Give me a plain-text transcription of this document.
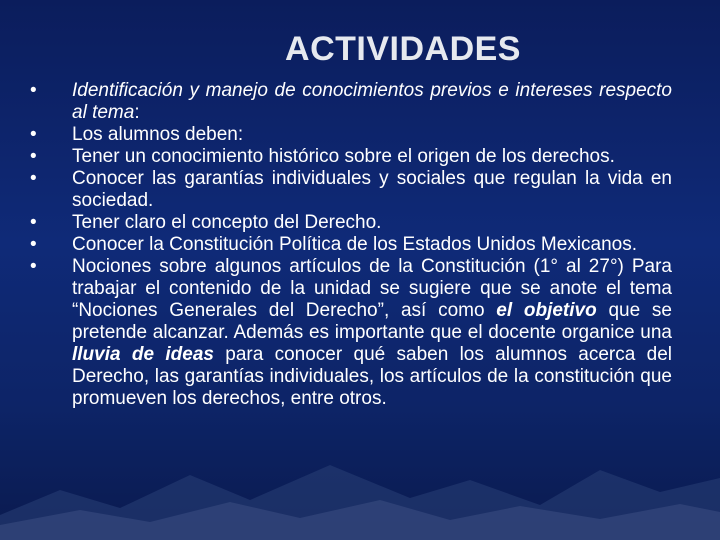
ACTIVIDADES
• Identificación y manejo de conocimientos previos e intereses respecto al tema:
• Los alumnos deben:
• Tener un conocimiento histórico sobre el origen de los derechos.
• Conocer las garantías individuales y sociales que regulan la vida en sociedad.
• Tener claro el concepto del Derecho.
• Conocer la Constitución Política de los Estados Unidos Mexicanos.
• Nociones sobre algunos artículos de la Constitución (1° al 27°) Para trabajar el contenido de la unidad se sugiere que se anote el tema “Nociones Generales del Derecho”, así como el objetivo que se pretende alcanzar. Además es importante que el docente organice una lluvia de ideas para conocer qué saben los alumnos acerca del Derecho, las garantías individuales, los artículos de la constitución que promueven los derechos, entre otros.
